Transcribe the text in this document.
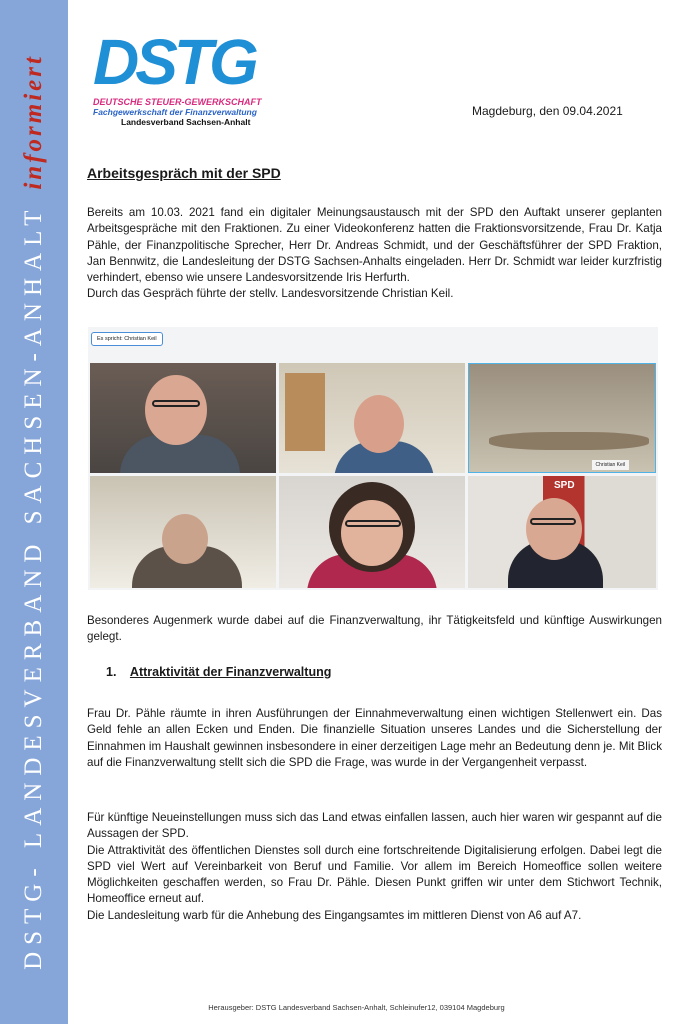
DSTG- LANDESVERBAND SACHSEN-ANHALT
informiert DSTG
DEUTSCHE STEUER-GEWERKSCHAFT
Fachgewerkschaft der Finanzverwaltung
Landesverband Sachsen-Anhalt
Magdeburg, den 09.04.2021
Arbeitsgespräch mit der SPD

Bereits am 10.03. 2021 fand ein digitaler Meinungsaustausch mit der SPD den Auftakt unserer geplanten Arbeitsgespräche mit den Fraktionen. Zu einer Videokonferenz hatten die Fraktionsvorsitzende, Frau Dr. Katja Pähle, der Finanzpolitische Sprecher, Herr Dr. Andreas Schmidt, und der Geschäftsführer der SPD Fraktion, Jan Bennwitz, die Landesleitung der DSTG Sachsen-Anhalts eingeladen. Herr Dr. Schmidt war leider kurzfristig verhindert, ebenso wie unsere Landesvorsitzende Iris Herfurth.

Durch das Gespräch führte der stellv. Landesvorsitzende Christian Keil.

Es spricht: Christian Keil
Christian Keil
SPD

Besonderes Augenmerk wurde dabei auf die Finanzverwaltung, ihr Tätigkeitsfeld und künftige Auswirkungen gelegt.

1. Attraktivität der Finanzverwaltung

Frau Dr. Pähle räumte in ihren Ausführungen der Einnahmeverwaltung einen wichtigen Stellenwert ein. Das Geld fehle an allen Ecken und Enden. Die finanzielle Situation unseres Landes und die Sicherstellung der Einnahmen im Haushalt gewinnen insbesondere in einer derzeitigen Lage mehr an Bedeutung denn je. Mit Blick auf die Finanzverwaltung stellt sich die SPD die Frage, was wurde in der Vergangenheit verpasst.

Für künftige Neueinstellungen muss sich das Land etwas einfallen lassen, auch hier waren wir gespannt auf die Aussagen der SPD.

Die Attraktivität des öffentlichen Dienstes soll durch eine fortschreitende Digitalisierung erfolgen. Dabei legt die SPD viel Wert auf Vereinbarkeit von Beruf und Familie. Vor allem im Bereich Homeoffice sollen weitere Möglichkeiten geschaffen werden, so Frau Dr. Pähle. Diesen Punkt griffen wir unter dem Stichwort Technik, Homeoffice erneut auf.

Die Landesleitung warb für die Anhebung des Eingangsamtes im mittleren Dienst von A6 auf A7.

Herausgeber: DSTG Landesverband Sachsen-Anhalt, Schleinufer12, 039104 Magdeburg
